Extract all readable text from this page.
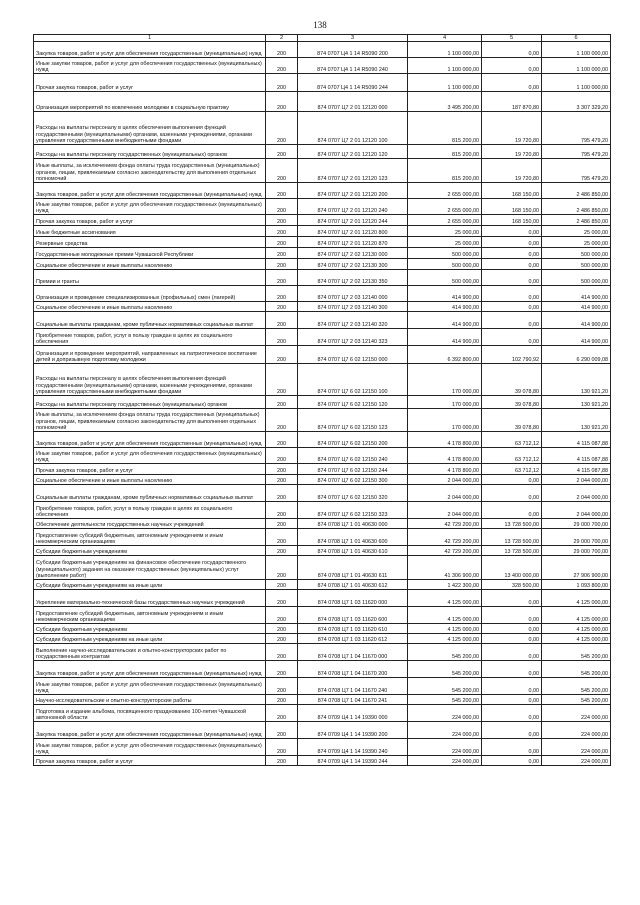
138
1	2	3	4	5	6
Закупка товаров, работ и услуг для обеспечения государственных (муниципальных) нужд	200	874 0707 Ц4 1 14 R5090 200	1 100 000,00	0,00	1 100 000,00
Иные закупки товаров, работ и услуг для обеспечения государственных (муниципальных) нужд	200	874 0707 Ц4 1 14 R5090 240	1 100 000,00	0,00	1 100 000,00
Прочая закупка товаров, работ и услуг	200	874 0707 Ц4 1 14 R5090 244	1 100 000,00	0,00	1 100 000,00
Организация мероприятий по вовлечению молодежи в социальную практику	200	874 0707 Ц7 2 01 12120 000	3 495 200,00	187 870,80	3 307 329,20
Расходы на выплаты персоналу в целях обеспечения выполнения функций государственными (муниципальными) органами, казенными учреждениями, органами управления государственными внебюджетными фондами	200	874 0707 Ц7 2 01 12120 100	815 200,00	19 720,80	795 479,20
Расходы на выплаты персоналу государственных (муниципальных) органов	200	874 0707 Ц7 2 01 12120 120	815 200,00	19 720,80	795 479,20
Иные выплаты, за исключением фонда оплаты труда государственных (муниципальных) органов, лицам, привлекаемым согласно законодательству для выполнения отдельных полномочий	200	874 0707 Ц7 2 01 12120 123	815 200,00	19 720,80	795 479,20
Закупка товаров, работ и услуг для обеспечения государственных (муниципальных) нужд	200	874 0707 Ц7 2 01 12120 200	2 655 000,00	168 150,00	2 486 850,00
Иные закупки товаров, работ и услуг для обеспечения государственных (муниципальных) нужд	200	874 0707 Ц7 2 01 12120 240	2 655 000,00	168 150,00	2 486 850,00
Прочая закупка товаров, работ и услуг	200	874 0707 Ц7 2 01 12120 244	2 655 000,00	168 150,00	2 486 850,00
Иные бюджетные ассигнования	200	874 0707 Ц7 2 01 12120 800	25 000,00	0,00	25 000,00
Резервные средства	200	874 0707 Ц7 2 01 12120 870	25 000,00	0,00	25 000,00
Государственные молодежные премии Чувашской Республики	200	874 0707 Ц7 2 02 12130 000	500 000,00	0,00	500 000,00
Социальное обеспечение и иные выплаты населению	200	874 0707 Ц7 2 02 12130 300	500 000,00	0,00	500 000,00
Премии и гранты	200	874 0707 Ц7 2 02 12130 350	500 000,00	0,00	500 000,00
Организация и проведение специализированных (профильных) смен (лагерей)	200	874 0707 Ц7 2 03 12140 000	414 900,00	0,00	414 900,00
Социальное обеспечение и иные выплаты населению	200	874 0707 Ц7 2 03 12140 300	414 900,00	0,00	414 900,00
Социальные выплаты гражданам, кроме публичных нормативных социальных выплат	200	874 0707 Ц7 2 03 12140 320	414 900,00	0,00	414 900,00
Приобретение товаров, работ, услуг в пользу граждан в целях их социального обеспечения	200	874 0707 Ц7 2 03 12140 323	414 900,00	0,00	414 900,00
Организация и проведение мероприятий, направленных на патриотическое воспитание детей и допризывную подготовку молодежи	200	874 0707 Ц7 6 02 12150 000	6 392 800,00	102 790,92	6 290 009,08
Расходы на выплаты персоналу в целях обеспечения выполнения функций государственными (муниципальными) органами, казенными учреждениями, органами управления государственными внебюджетными фондами	200	874 0707 Ц7 6 02 12150 100	170 000,00	39 078,80	130 921,20
Расходы на выплаты персоналу государственных (муниципальных) органов	200	874 0707 Ц7 6 02 12150 120	170 000,00	39 078,80	130 921,20
Иные выплаты, за исключением фонда оплаты труда государственных (муниципальных) органов, лицам, привлекаемым согласно законодательству для выполнения отдельных полномочий	200	874 0707 Ц7 6 02 12150 123	170 000,00	39 078,80	130 921,20
Закупка товаров, работ и услуг для обеспечения государственных (муниципальных) нужд	200	874 0707 Ц7 6 02 12150 200	4 178 800,00	63 712,12	4 115 087,88
Иные закупки товаров, работ и услуг для обеспечения государственных (муниципальных) нужд	200	874 0707 Ц7 6 02 12150 240	4 178 800,00	63 712,12	4 115 087,88
Прочая закупка товаров, работ и услуг	200	874 0707 Ц7 6 02 12150 244	4 178 800,00	63 712,12	4 115 087,88
Социальное обеспечение и иные выплаты населению	200	874 0707 Ц7 6 02 12150 300	2 044 000,00	0,00	2 044 000,00
Социальные выплаты гражданам, кроме публичных нормативных социальных выплат	200	874 0707 Ц7 6 02 12150 320	2 044 000,00	0,00	2 044 000,00
Приобретение товаров, работ, услуг в пользу граждан в целях их социального обеспечения	200	874 0707 Ц7 6 02 12150 323	2 044 000,00	0,00	2 044 000,00
Обеспечение деятельности государственных научных учреждений	200	874 0708 Ц7 1 01 40630 000	42 729 200,00	13 728 500,00	29 000 700,00
Предоставление субсидий бюджетным, автономным учреждениям и иным некоммерческим организациям	200	874 0708 Ц7 1 01 40630 600	42 729 200,00	13 728 500,00	29 000 700,00
Субсидии бюджетным учреждениям	200	874 0708 Ц7 1 01 40630 610	42 729 200,00	13 728 500,00	29 000 700,00
Субсидии бюджетным учреждениям на финансовое обеспечение государственного (муниципального) задания на оказание государственных (муниципальных) услуг (выполнение работ)	200	874 0708 Ц7 1 01 40630 611	41 306 900,00	13 400 000,00	27 906 900,00
Субсидии бюджетным учреждениям на иные цели	200	874 0708 Ц7 1 01 40630 612	1 422 300,00	328 500,00	1 093 800,00
Укрепление материально-технической базы государственных научных учреждений	200	874 0708 Ц7 1 03 11620 000	4 125 000,00	0,00	4 125 000,00
Предоставление субсидий бюджетным, автономным учреждениям и иным некоммерческим организациям	200	874 0708 Ц7 1 03 11620 600	4 125 000,00	0,00	4 125 000,00
Субсидии бюджетным учреждениям	200	874 0708 Ц7 1 03 11620 610	4 125 000,00	0,00	4 125 000,00
Субсидии бюджетным учреждениям на иные цели	200	874 0708 Ц7 1 03 11620 612	4 125 000,00	0,00	4 125 000,00
Выполнение научно-исследовательских и опытно-конструкторских работ по государственным контрактам	200	874 0708 Ц7 1 04 11670 000	545 200,00	0,00	545 200,00
Закупка товаров, работ и услуг для обеспечения государственных (муниципальных) нужд	200	874 0708 Ц7 1 04 11670 200	545 200,00	0,00	545 200,00
Иные закупки товаров, работ и услуг для обеспечения государственных (муниципальных) нужд	200	874 0708 Ц7 1 04 11670 240	545 200,00	0,00	545 200,00
Научно-исследовательские и опытно-конструкторские работы	200	874 0708 Ц7 1 04 11670 241	545 200,00	0,00	545 200,00
Подготовка и издание альбома, посвященного празднованию 100-летия Чувашской автономной области	200	874 0709 Ц4 1 14 19390 000	224 000,00	0,00	224 000,00
Закупка товаров, работ и услуг для обеспечения государственных (муниципальных) нужд	200	874 0709 Ц4 1 14 19390 200	224 000,00	0,00	224 000,00
Иные закупки товаров, работ и услуг для обеспечения государственных (муниципальных) нужд	200	874 0709 Ц4 1 14 19390 240	224 000,00	0,00	224 000,00
Прочая закупка товаров, работ и услуг	200	874 0709 Ц4 1 14 19390 244	224 000,00	0,00	224 000,00
